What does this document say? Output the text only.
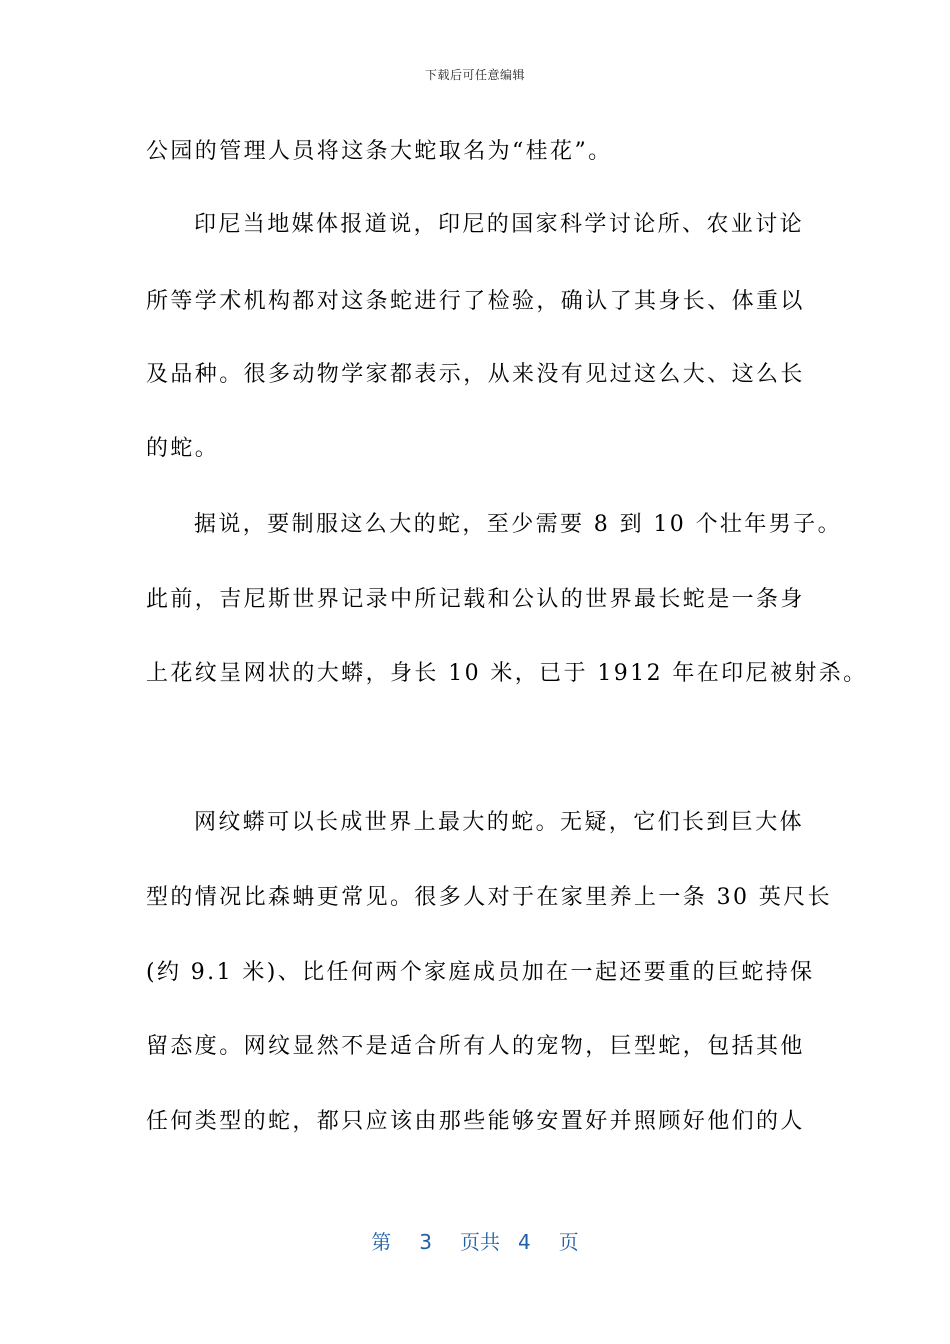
下载后可任意编辑
公园的管理人员将这条大蛇取名为“桂花”。
印尼当地媒体报道说，印尼的国家科学讨论所、农业讨论
所等学术机构都对这条蛇进行了检验，确认了其身长、体重以
及品种。很多动物学家都表示，从来没有见过这么大、这么长
的蛇。
据说，要制服这么大的蛇，至少需要 8 到 10 个壮年男子。
此前，吉尼斯世界记录中所记载和公认的世界最长蛇是一条身
上花纹呈网状的大蟒，身长 10 米，已于 1912 年在印尼被射杀。
网纹蟒可以长成世界上最大的蛇。无疑，它们长到巨大体
型的情况比森蚺更常见。很多人对于在家里养上一条 30 英尺长
(约 9.1 米)、比任何两个家庭成员加在一起还要重的巨蛇持保
留态度。网纹显然不是适合所有人的宠物，巨型蛇，包括其他
任何类型的蛇，都只应该由那些能够安置好并照顾好他们的人
第 3 页共 4 页
